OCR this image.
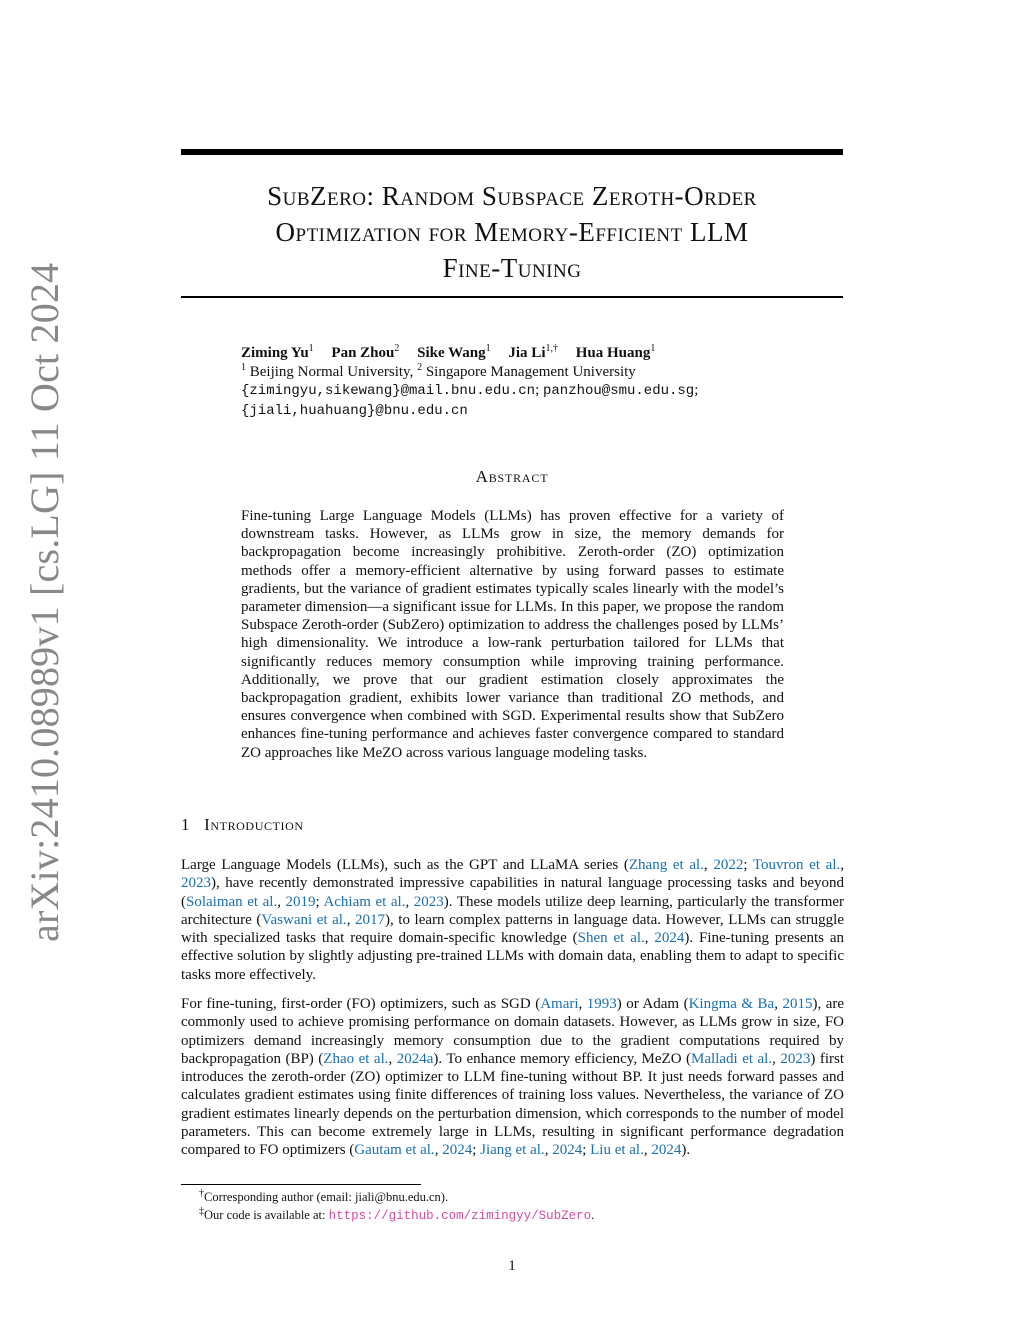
arXiv:2410.08989v1 [cs.LG] 11 Oct 2024
SubZero: Random Subspace Zeroth-Order
Optimization for Memory-Efficient LLM
Fine-Tuning
Ziming Yu$^1$ Pan Zhou$^2$ Sike Wang$^1$ Jia $Li^{1,\dagger}$ Hua Huang$^1$
$^1$ Beijing Normal University, $^2$ Singapore Management University
{zimingyu,sikewang}@mail.bnu.edu.cn; panzhou@smu.edu.sg;
{jiali,huahuang}@bnu.edu.cn
Abstract
Fine-tuning Large Language Models (LLMs) has proven effective for a variety of downstream tasks. However, as LLMs grow in size, the memory demands for backpropagation become increasingly prohibitive. Zeroth-order (ZO) optimization methods offer a memory-efficient alternative by using forward passes to estimate gradients, but the variance of gradient estimates typically scales linearly with the model’s parameter dimension—a significant issue for LLMs. In this paper, we propose the random Subspace Zeroth-order (SubZero) optimization to address the challenges posed by LLMs’ high dimensionality. We introduce a low-rank perturbation tailored for LLMs that significantly reduces memory consumption while improving training performance. Additionally, we prove that our gradient estimation closely approximates the backpropagation gradient, exhibits lower variance than traditional ZO methods, and ensures convergence when combined with SGD. Experimental results show that SubZero enhances fine-tuning performance and achieves faster convergence compared to standard ZO approaches like MeZO across various language modeling tasks.
1 Introduction
Large Language Models (LLMs), such as the GPT and LLaMA series (Zhang et al., 2022; Touvron et al., 2023), have recently demonstrated impressive capabilities in natural language processing tasks and beyond (Solaiman et al., 2019; Achiam et al., 2023). These models utilize deep learning, particularly the transformer architecture (Vaswani et al., 2017), to learn complex patterns in language data. However, LLMs can struggle with specialized tasks that require domain-specific knowledge (Shen et al., 2024). Fine-tuning presents an effective solution by slightly adjusting pre-trained LLMs with domain data, enabling them to adapt to specific tasks more effectively.
For fine-tuning, first-order (FO) optimizers, such as SGD (Amari, 1993) or Adam (Kingma & Ba, 2015), are commonly used to achieve promising performance on domain datasets. However, as LLMs grow in size, FO optimizers demand increasingly memory consumption due to the gradient computations required by backpropagation (BP) (Zhao et al., 2024a). To enhance memory efficiency, MeZO (Malladi et al., 2023) first introduces the zeroth-order (ZO) optimizer to LLM fine-tuning without BP. It just needs forward passes and calculates gradient estimates using finite differences of training loss values. Nevertheless, the variance of ZO gradient estimates linearly depends on the perturbation dimension, which corresponds to the number of model parameters. This can become extremely large in LLMs, resulting in significant performance degradation compared to FO optimizers (Gautam et al., 2024; Jiang et al., 2024; Liu et al., 2024).
†Corresponding author (email: jiali@bnu.edu.cn).
‡Our code is available at: https://github.com/zimingyy/SubZero.
1
